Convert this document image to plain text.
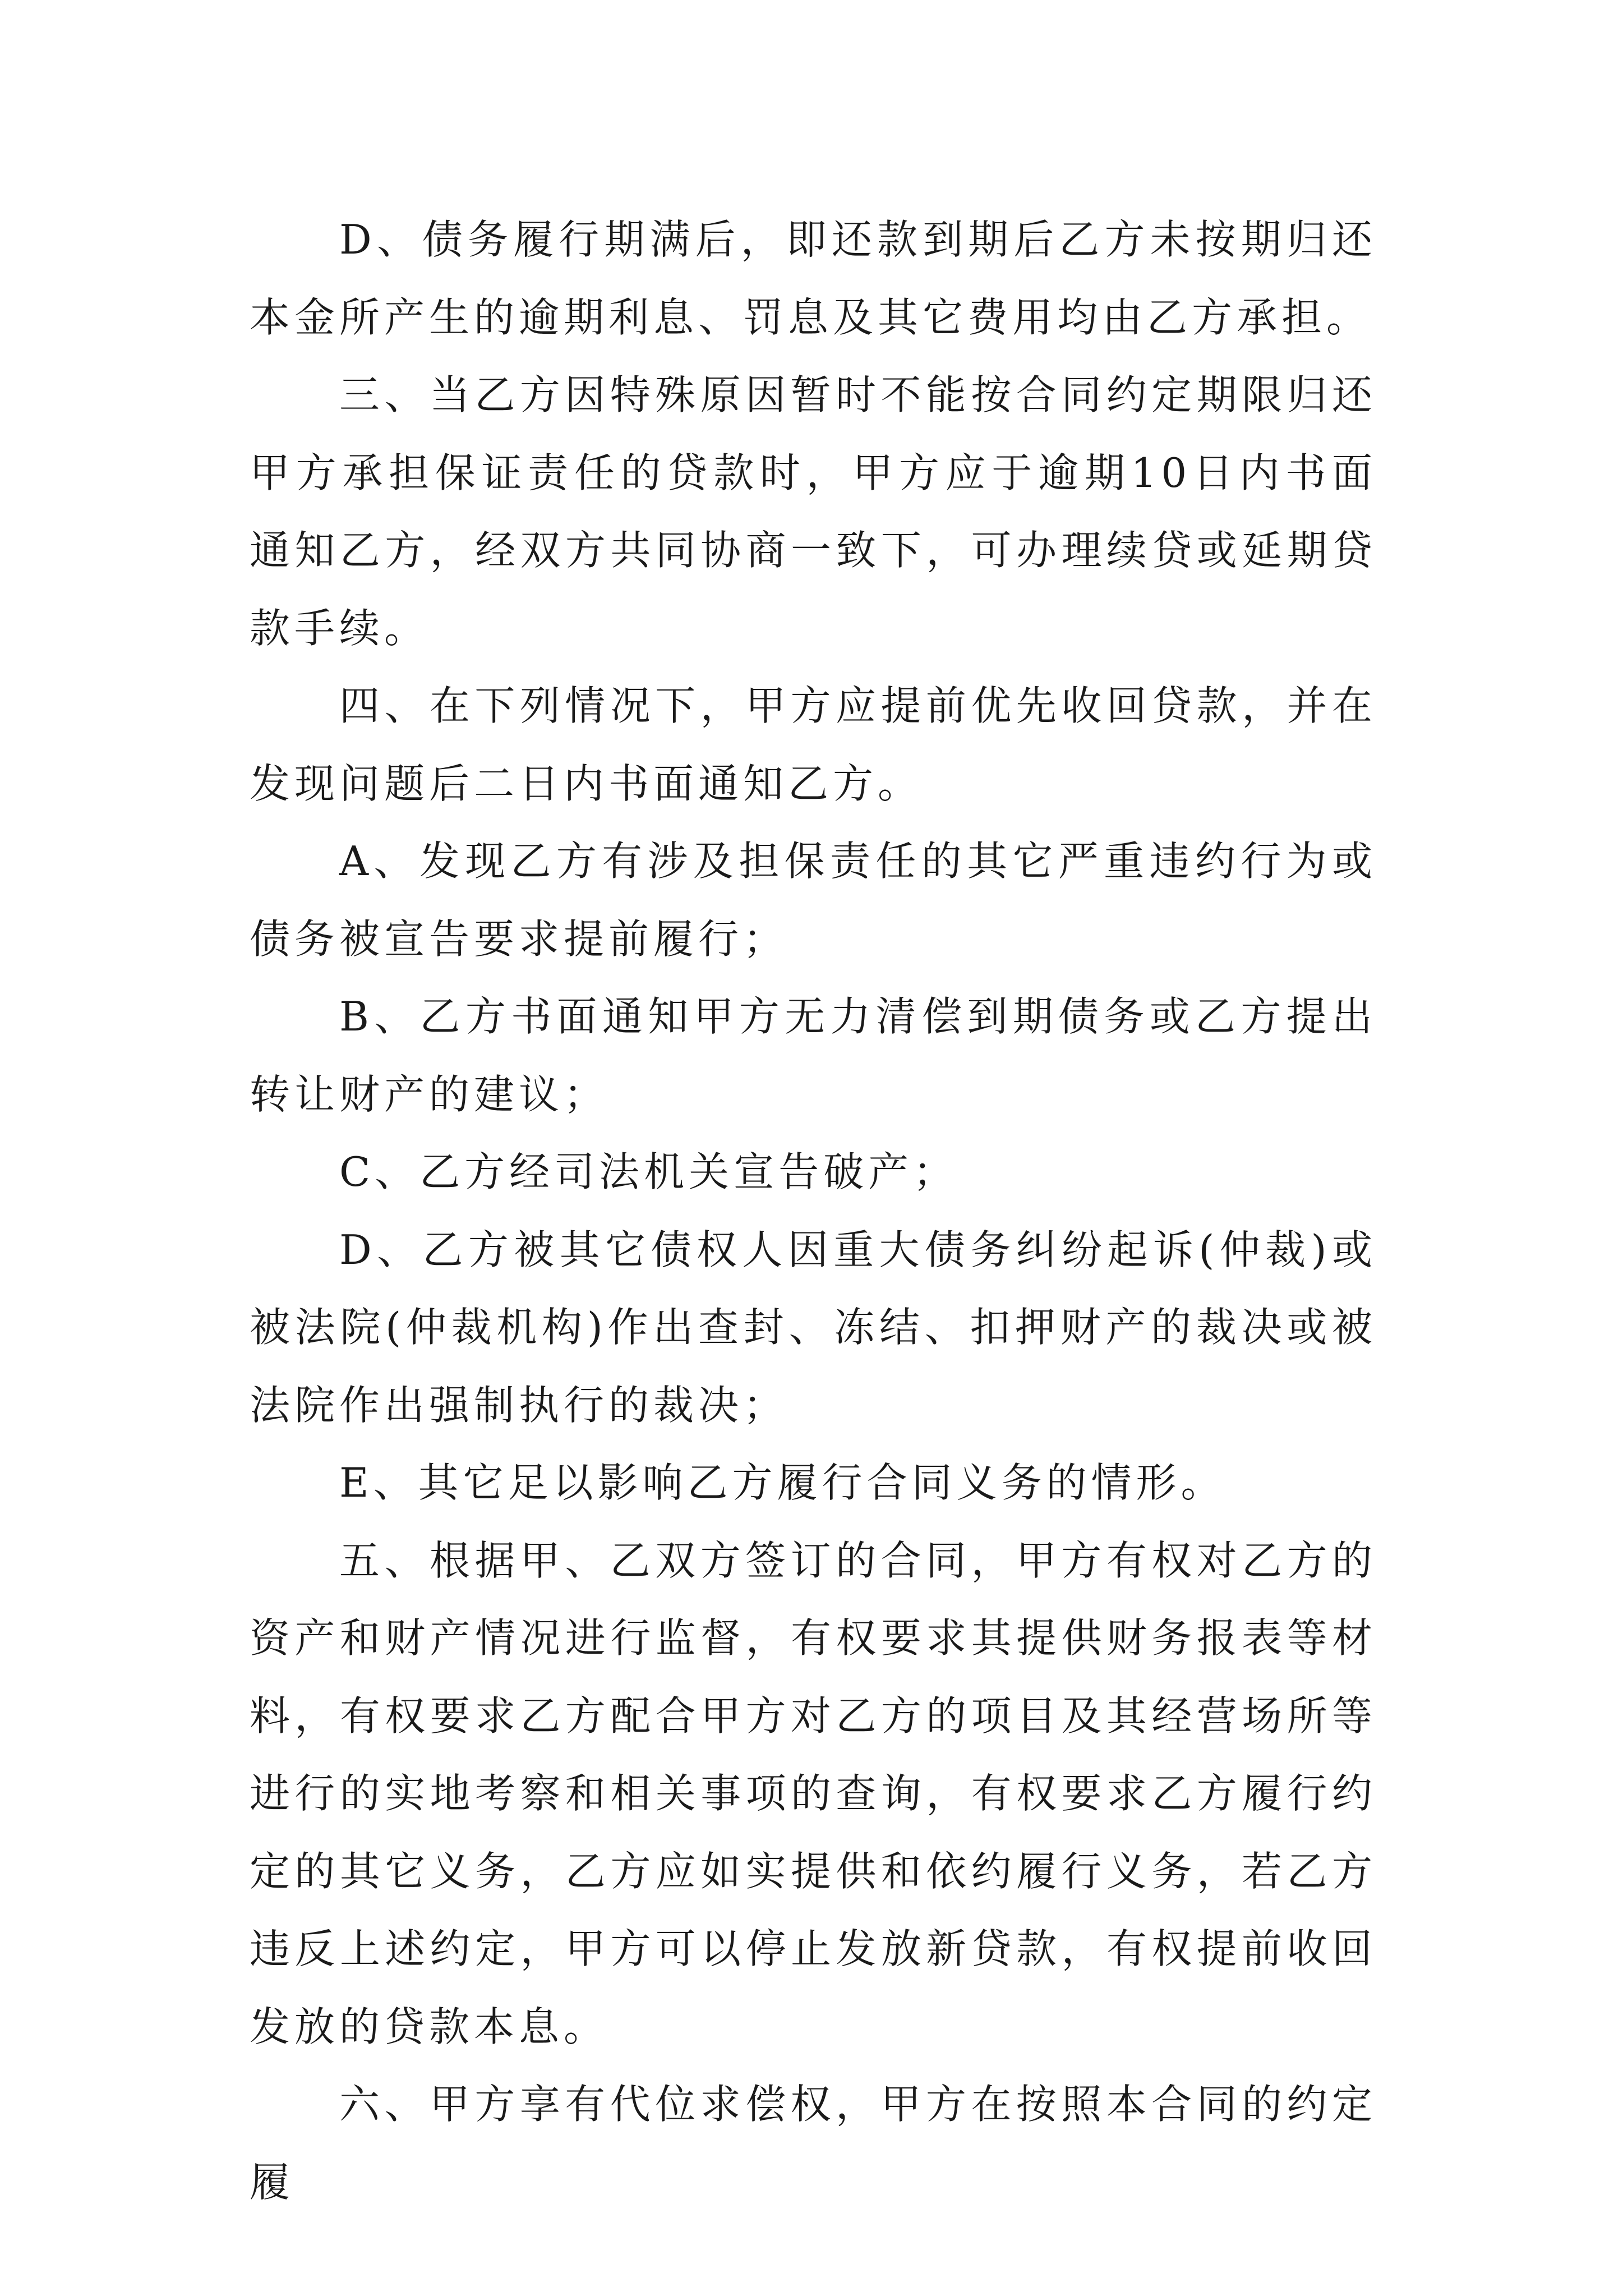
D、债务履行期满后，即还款到期后乙方未按期归还本金所产生的逾期利息、罚息及其它费用均由乙方承担。

三、当乙方因特殊原因暂时不能按合同约定期限归还甲方承担保证责任的贷款时，甲方应于逾期10日内书面通知乙方，经双方共同协商一致下，可办理续贷或延期贷款手续。

四、在下列情况下，甲方应提前优先收回贷款，并在发现问题后二日内书面通知乙方。

A、发现乙方有涉及担保责任的其它严重违约行为或债务被宣告要求提前履行；

B、乙方书面通知甲方无力清偿到期债务或乙方提出转让财产的建议；

C、乙方经司法机关宣告破产；

D、乙方被其它债权人因重大债务纠纷起诉(仲裁)或被法院(仲裁机构)作出查封、冻结、扣押财产的裁决或被法院作出强制执行的裁决；

E、其它足以影响乙方履行合同义务的情形。

五、根据甲、乙双方签订的合同，甲方有权对乙方的资产和财产情况进行监督，有权要求其提供财务报表等材料，有权要求乙方配合甲方对乙方的项目及其经营场所等进行的实地考察和相关事项的查询，有权要求乙方履行约定的其它义务，乙方应如实提供和依约履行义务，若乙方违反上述约定，甲方可以停止发放新贷款，有权提前收回发放的贷款本息。

六、甲方享有代位求偿权，甲方在按照本合同的约定履
